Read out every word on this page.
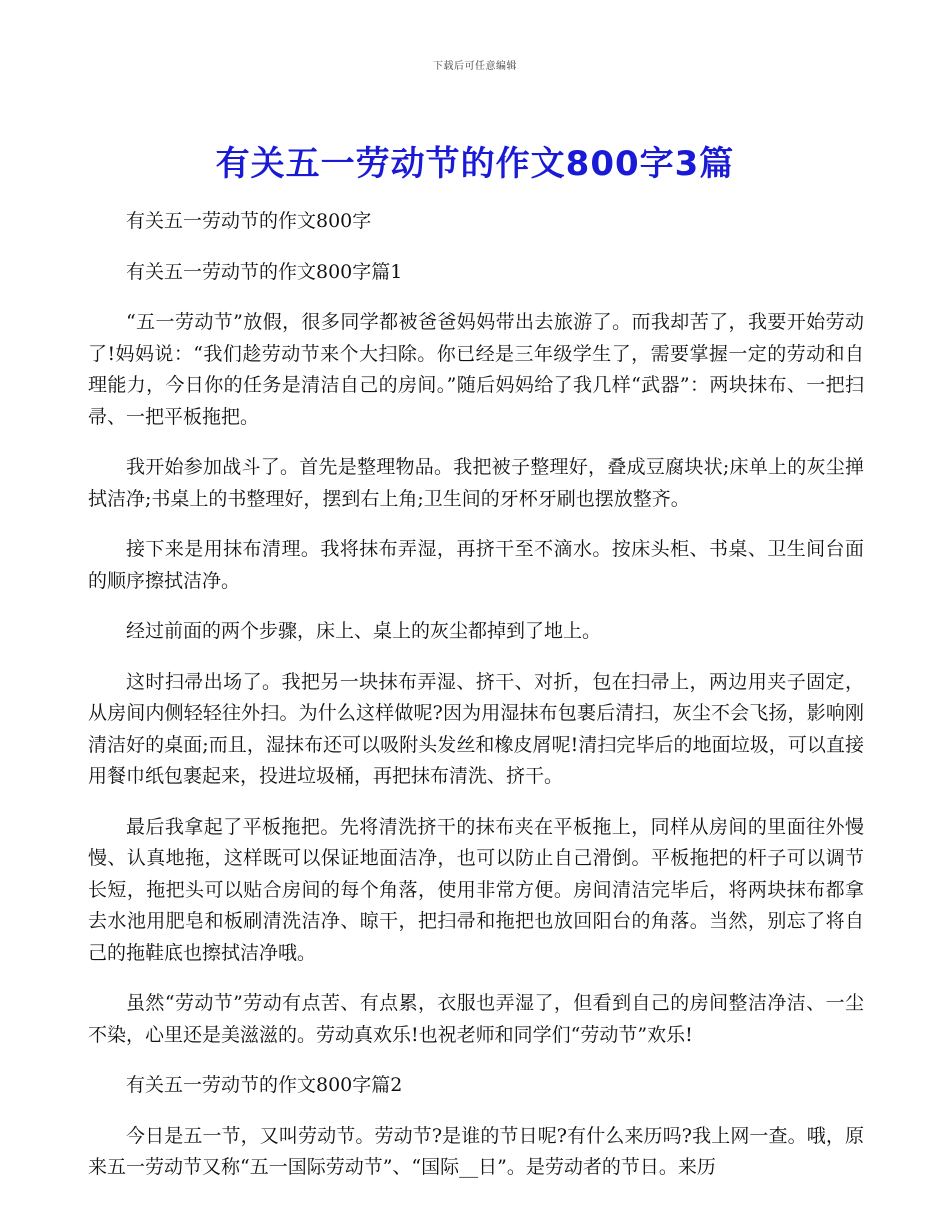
下载后可任意编辑
有关五一劳动节的作文800字3篇

有关五一劳动节的作文800字

有关五一劳动节的作文800字篇1

“五一劳动节”放假，很多同学都被爸爸妈妈带出去旅游了。而我却苦了，我要开始劳动了!妈妈说：“我们趁劳动节来个大扫除。你已经是三年级学生了，需要掌握一定的劳动和自理能力，今日你的任务是清洁自己的房间。”随后妈妈给了我几样“武器”：两块抹布、一把扫帚、一把平板拖把。

我开始参加战斗了。首先是整理物品。我把被子整理好，叠成豆腐块状;床单上的灰尘掸拭洁净;书桌上的书整理好，摆到右上角;卫生间的牙杯牙刷也摆放整齐。

接下来是用抹布清理。我将抹布弄湿，再挤干至不滴水。按床头柜、书桌、卫生间台面的顺序擦拭洁净。

经过前面的两个步骤，床上、桌上的灰尘都掉到了地上。

这时扫帚出场了。我把另一块抹布弄湿、挤干、对折，包在扫帚上，两边用夹子固定，从房间内侧轻轻往外扫。为什么这样做呢?因为用湿抹布包裹后清扫，灰尘不会飞扬，影响刚清洁好的桌面;而且，湿抹布还可以吸附头发丝和橡皮屑呢!清扫完毕后的地面垃圾，可以直接用餐巾纸包裹起来，投进垃圾桶，再把抹布清洗、挤干。

最后我拿起了平板拖把。先将清洗挤干的抹布夹在平板拖上，同样从房间的里面往外慢慢、认真地拖，这样既可以保证地面洁净，也可以防止自己滑倒。平板拖把的杆子可以调节长短，拖把头可以贴合房间的每个角落，使用非常方便。房间清洁完毕后，将两块抹布都拿去水池用肥皂和板刷清洗洁净、晾干，把扫帚和拖把也放回阳台的角落。当然，别忘了将自己的拖鞋底也擦拭洁净哦。

虽然“劳动节”劳动有点苦、有点累，衣服也弄湿了，但看到自己的房间整洁净洁、一尘不染，心里还是美滋滋的。劳动真欢乐!也祝老师和同学们“劳动节”欢乐!

有关五一劳动节的作文800字篇2

今日是五一节，又叫劳动节。劳动节?是谁的节日呢?有什么来历吗?我上网一查。哦，原来五一劳动节又称“五一国际劳动节”、“国际__日”。是劳动者的节日。来历
